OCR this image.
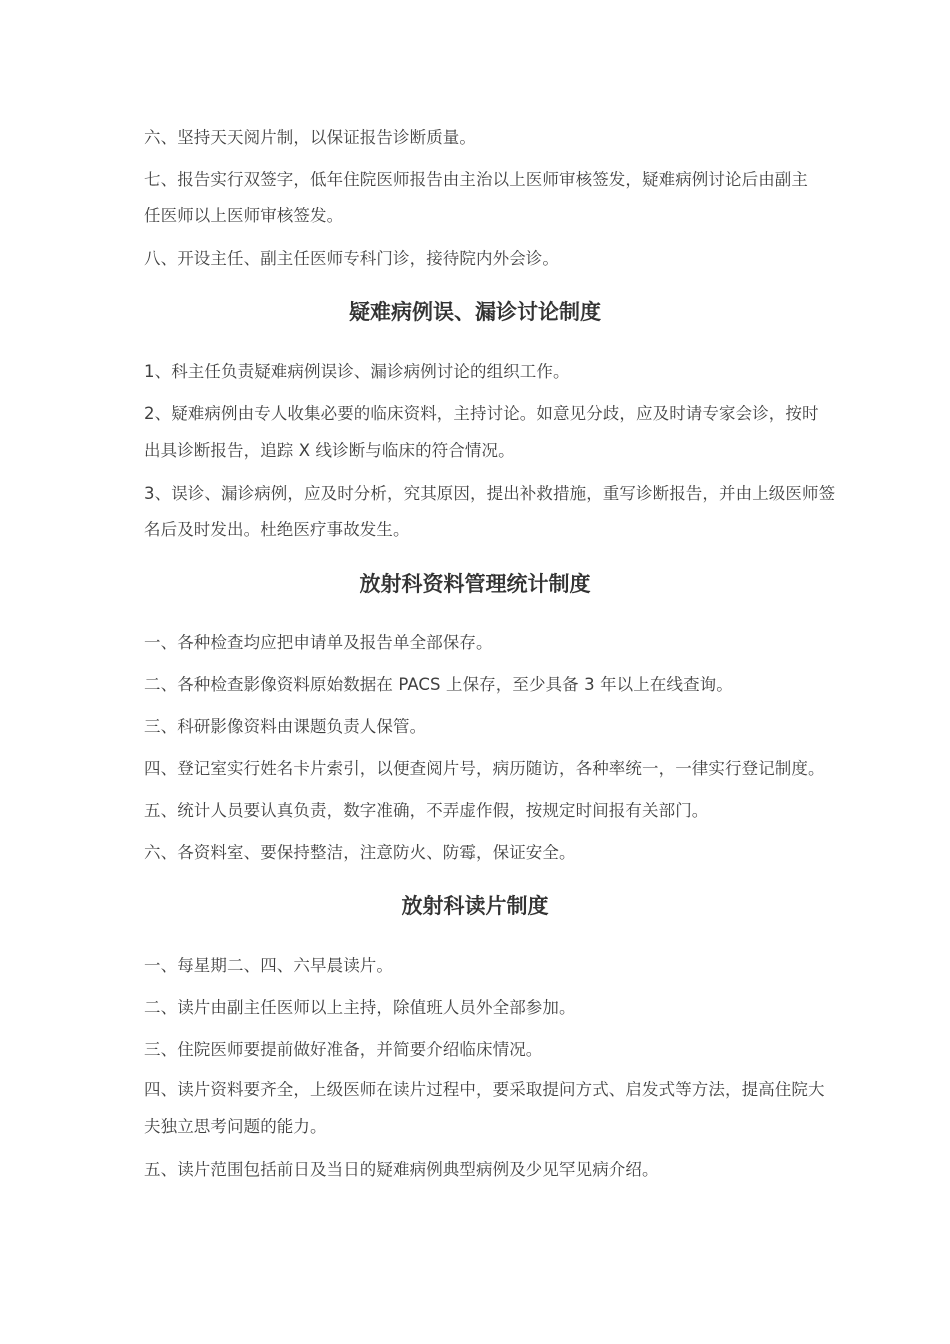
六、坚持天天阅片制，以保证报告诊断质量。
七、报告实行双签字，低年住院医师报告由主治以上医师审核签发，疑难病例讨论后由副主
任医师以上医师审核签发。
八、开设主任、副主任医师专科门诊，接待院内外会诊。
疑难病例误、漏诊讨论制度
1、科主任负责疑难病例误诊、漏诊病例讨论的组织工作。
2、疑难病例由专人收集必要的临床资料，主持讨论。如意见分歧，应及时请专家会诊，按时
出具诊断报告，追踪 X 线诊断与临床的符合情况。
3、误诊、漏诊病例，应及时分析，究其原因，提出补救措施，重写诊断报告，并由上级医师签
名后及时发出。杜绝医疗事故发生。
放射科资料管理统计制度
一、各种检查均应把申请单及报告单全部保存。
二、各种检查影像资料原始数据在 PACS 上保存，至少具备 3 年以上在线查询。
三、科研影像资料由课题负责人保管。
四、登记室实行姓名卡片索引，以便查阅片号，病历随访，各种率统一，一律实行登记制度。
五、统计人员要认真负责，数字准确，不弄虚作假，按规定时间报有关部门。
六、各资料室、要保持整洁，注意防火、防霉，保证安全。
放射科读片制度
一、每星期二、四、六早晨读片。
二、读片由副主任医师以上主持，除值班人员外全部参加。
三、住院医师要提前做好准备，并简要介绍临床情况。
四、读片资料要齐全，上级医师在读片过程中，要采取提问方式、启发式等方法，提高住院大
夫独立思考问题的能力。
五、读片范围包括前日及当日的疑难病例典型病例及少见罕见病介绍。
